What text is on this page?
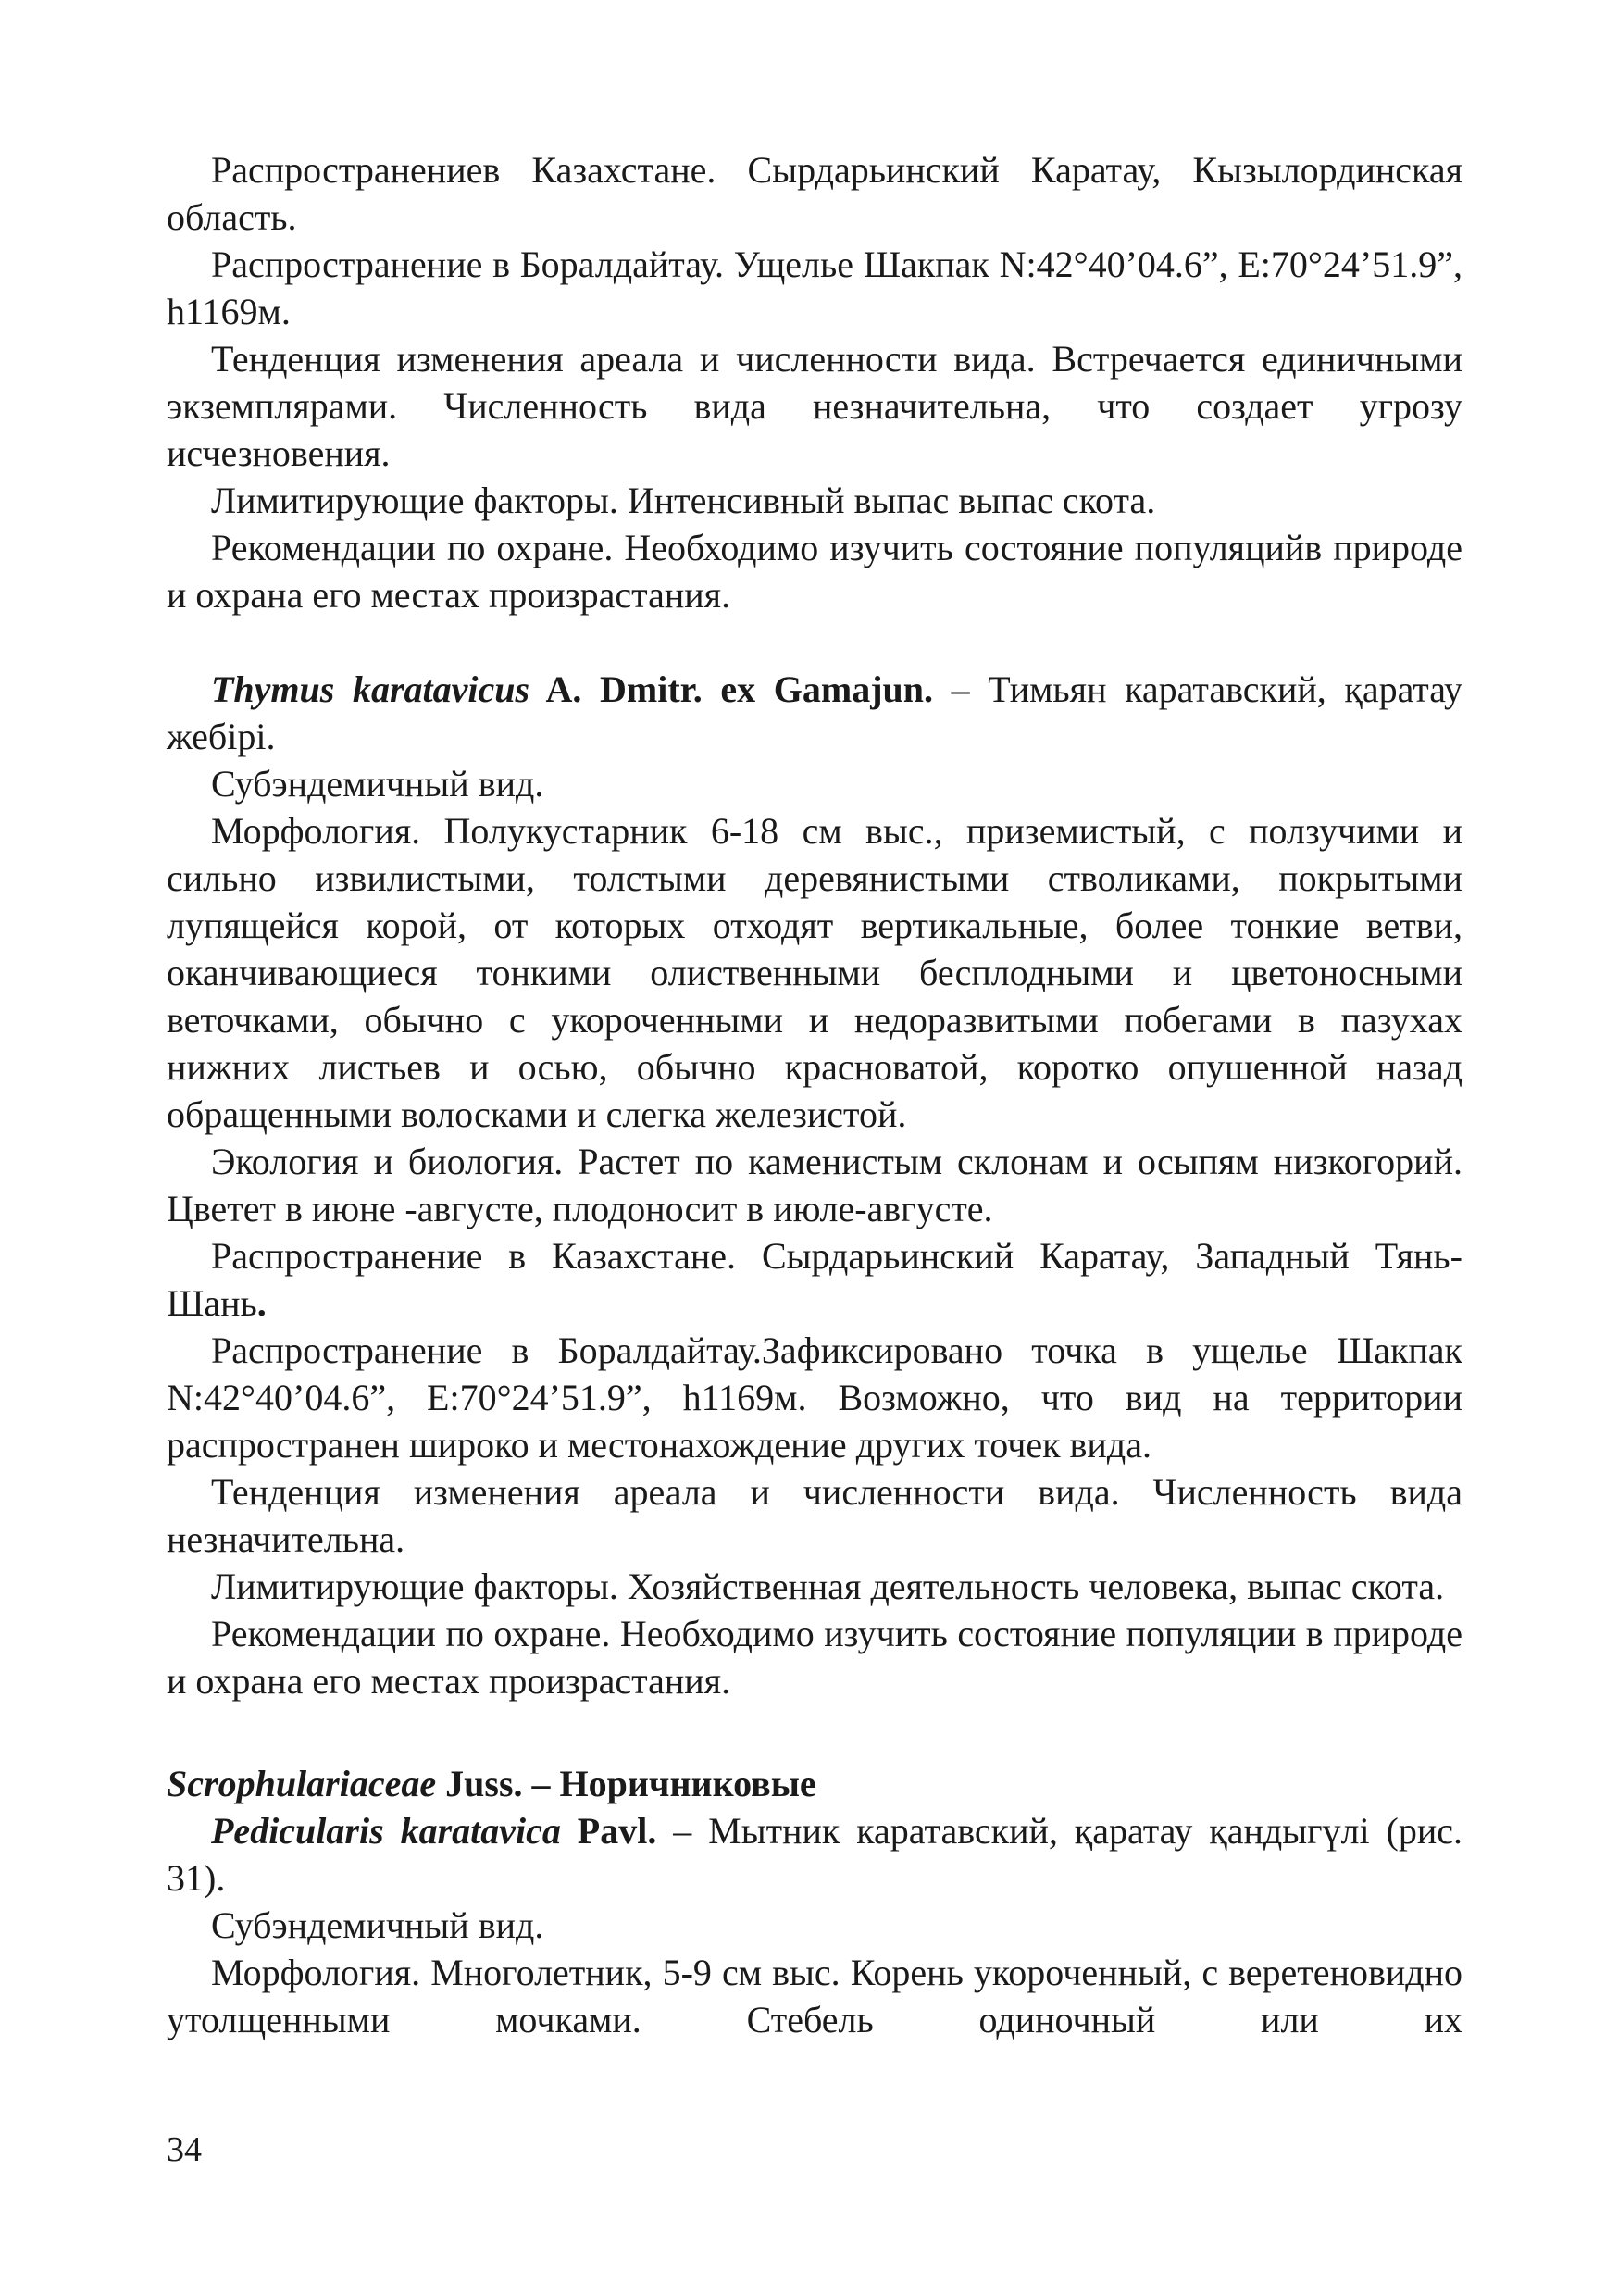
Распространениев Казахстане. Сырдарьинский Каратау, Кызылординская область.

Распространение в Боралдайтау. Ущелье Шакпак N:42°40’04.6”, E:70°24’51.9”, h1169м.

Тенденция изменения ареала и численности вида. Встречается единичными экземплярами. Численность вида незначительна, что создает угрозу исчезновения.

Лимитирующие факторы. Интенсивный выпас выпас скота.

Рекомендации по охране. Необходимо изучить состояние популяцийв природе и охрана его местах произрастания.

Thymus karatavicus A. Dmitr. ex Gamajun. – Тимьян каратавский, қаратау жебірі.

Субэндемичный вид.

Морфология. Полукустарник 6-18 см выс., приземистый, с ползучими и сильно извилистыми, толстыми деревянистыми стволиками, покрытыми лупящейся корой, от которых отходят вертикальные, более тонкие ветви, оканчивающиеся тонкими олиственными бесплодными и цветоносными веточками, обычно с укороченными и недоразвитыми побегами в пазухах нижних листьев и осью, обычно красноватой, коротко опушенной назад обращенными волосками и слегка железистой.

Экология и биология. Растет по каменистым склонам и осыпям низкогорий. Цветет в июне -августе, плодоносит в июле-августе.

Распространение в Казахстане. Сырдарьинский Каратау, Западный Тянь-Шань.

Распространение в Боралдайтау.Зафиксировано точка в ущелье Шакпак N:42°40’04.6”, E:70°24’51.9”, h1169м. Возможно, что вид на территории распространен широко и местонахождение других точек вида.

Тенденция изменения ареала и численности вида. Численность вида незначительна.

Лимитирующие факторы. Хозяйственная деятельность человека, выпас скота.

Рекомендации по охране. Необходимо изучить состояние популяции в природе и охрана его местах произрастания.

Scrophulariaceae Juss. – Норичниковые

Pedicularis karatavica Pavl. – Мытник каратавский, қаратау қандыгүлі (рис. 31).

Субэндемичный вид.

Морфология. Многолетник, 5-9 см выс. Корень укороченный, с веретеновидно утолщенными мочками. Стебель одиночный или их

34
